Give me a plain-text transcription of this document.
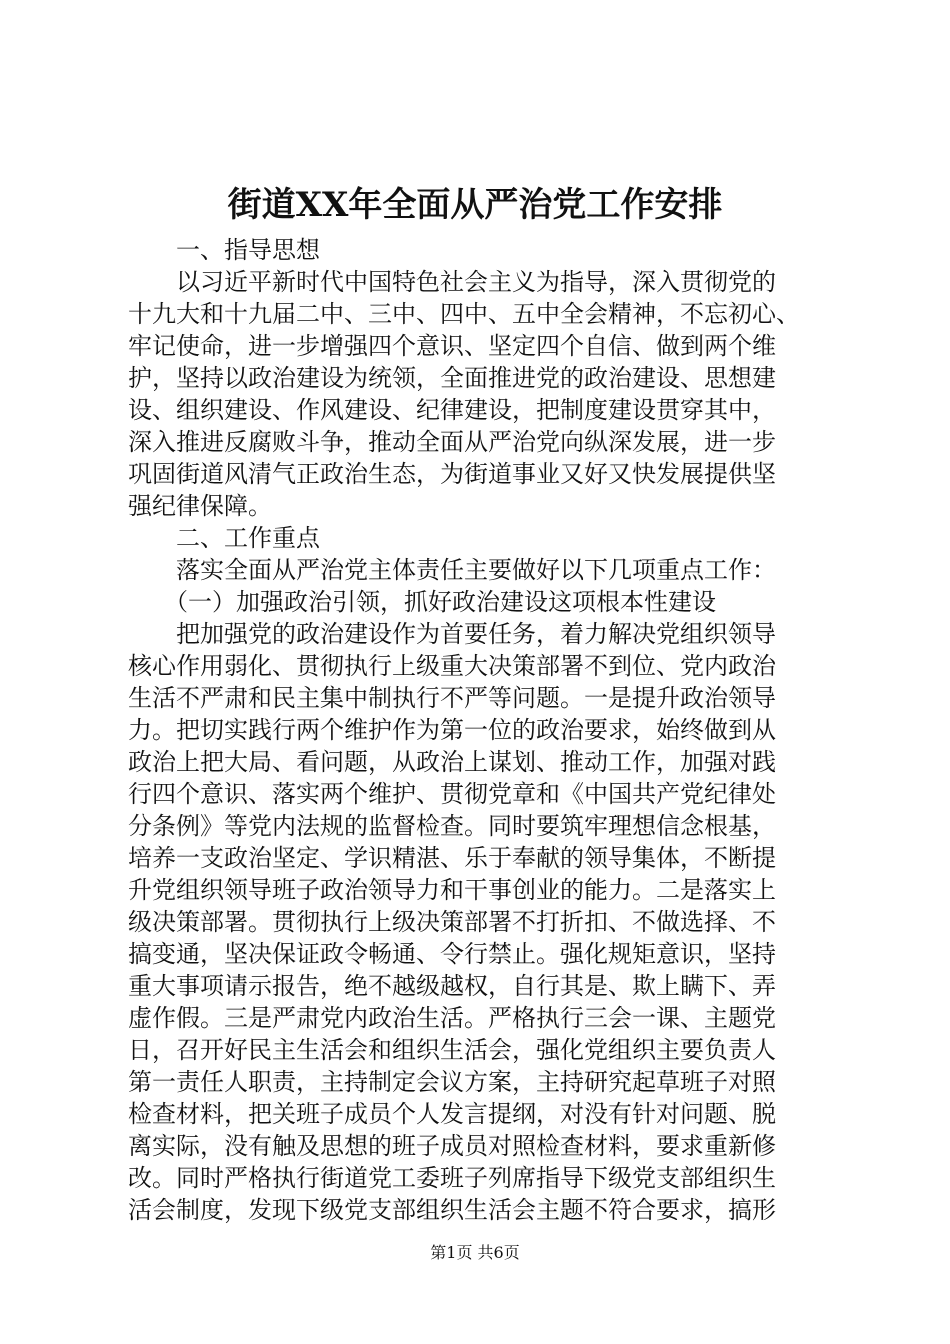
街道XX年全面从严治党工作安排
　　一、指导思想
　　以习近平新时代中国特色社会主义为指导，深入贯彻党的
十九大和十九届二中、三中、四中、五中全会精神，不忘初心、
牢记使命，进一步增强四个意识、坚定四个自信、做到两个维
护，坚持以政治建设为统领，全面推进党的政治建设、思想建
设、组织建设、作风建设、纪律建设，把制度建设贯穿其中，
深入推进反腐败斗争，推动全面从严治党向纵深发展，进一步
巩固街道风清气正政治生态，为街道事业又好又快发展提供坚
强纪律保障。
　　二、工作重点
　　落实全面从严治党主体责任主要做好以下几项重点工作：
　　（一）加强政治引领，抓好政治建设这项根本性建设
　　把加强党的政治建设作为首要任务，着力解决党组织领导
核心作用弱化、贯彻执行上级重大决策部署不到位、党内政治
生活不严肃和民主集中制执行不严等问题。一是提升政治领导
力。把切实践行两个维护作为第一位的政治要求，始终做到从
政治上把大局、看问题，从政治上谋划、推动工作，加强对践
行四个意识、落实两个维护、贯彻党章和《中国共产党纪律处
分条例》等党内法规的监督检查。同时要筑牢理想信念根基，
培养一支政治坚定、学识精湛、乐于奉献的领导集体，不断提
升党组织领导班子政治领导力和干事创业的能力。二是落实上
级决策部署。贯彻执行上级决策部署不打折扣、不做选择、不
搞变通，坚决保证政令畅通、令行禁止。强化规矩意识，坚持
重大事项请示报告，绝不越级越权，自行其是、欺上瞒下、弄
虚作假。三是严肃党内政治生活。严格执行三会一课、主题党
日，召开好民主生活会和组织生活会，强化党组织主要负责人
第一责任人职责，主持制定会议方案，主持研究起草班子对照
检查材料，把关班子成员个人发言提纲，对没有针对问题、脱
离实际，没有触及思想的班子成员对照检查材料，要求重新修
改。同时严格执行街道党工委班子列席指导下级党支部组织生
活会制度，发现下级党支部组织生活会主题不符合要求，搞形
第1页 共6页
